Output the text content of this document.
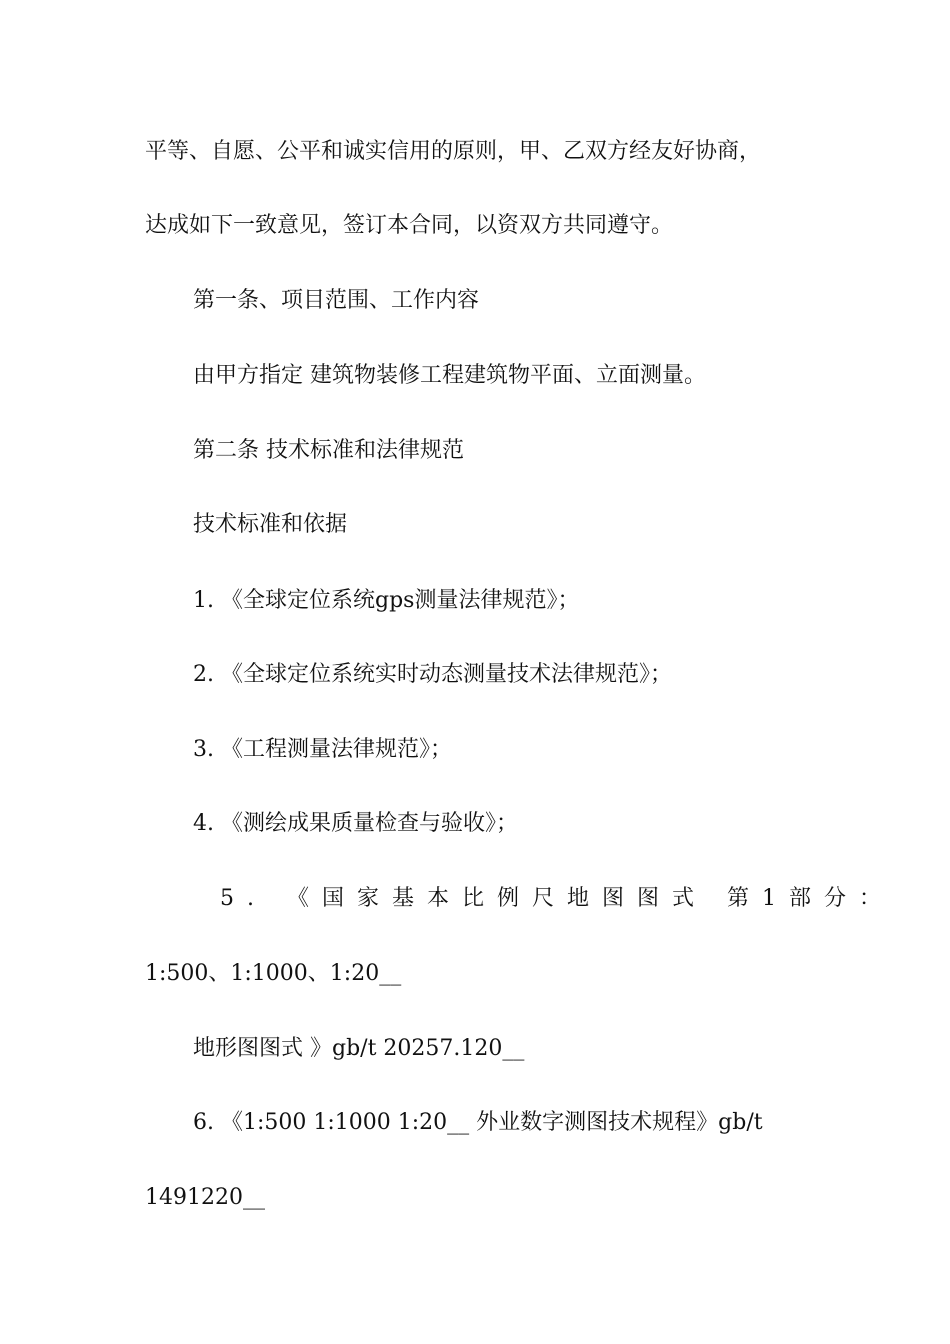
平等、自愿、公平和诚实信用的原则，甲、乙双方经友好协商，
达成如下一致意见，签订本合同，以资双方共同遵守。
第一条、项目范围、工作内容
由甲方指定 建筑物装修工程建筑物平面、立面测量。
第二条 技术标准和法律规范
技术标准和依据
1. 《全球定位系统gps测量法律规范》；
2. 《全球定位系统实时动态测量技术法律规范》；
3. 《工程测量法律规范》；
4. 《测绘成果质量检查与验收》；
5. 《国家基本比例尺地图图式 第1部分：
1:500、1:1000、1:20__
地形图图式 》gb/t 20257.120__
6. 《1:500 1:1000 1:20__ 外业数字测图技术规程》gb/t
1491220__
